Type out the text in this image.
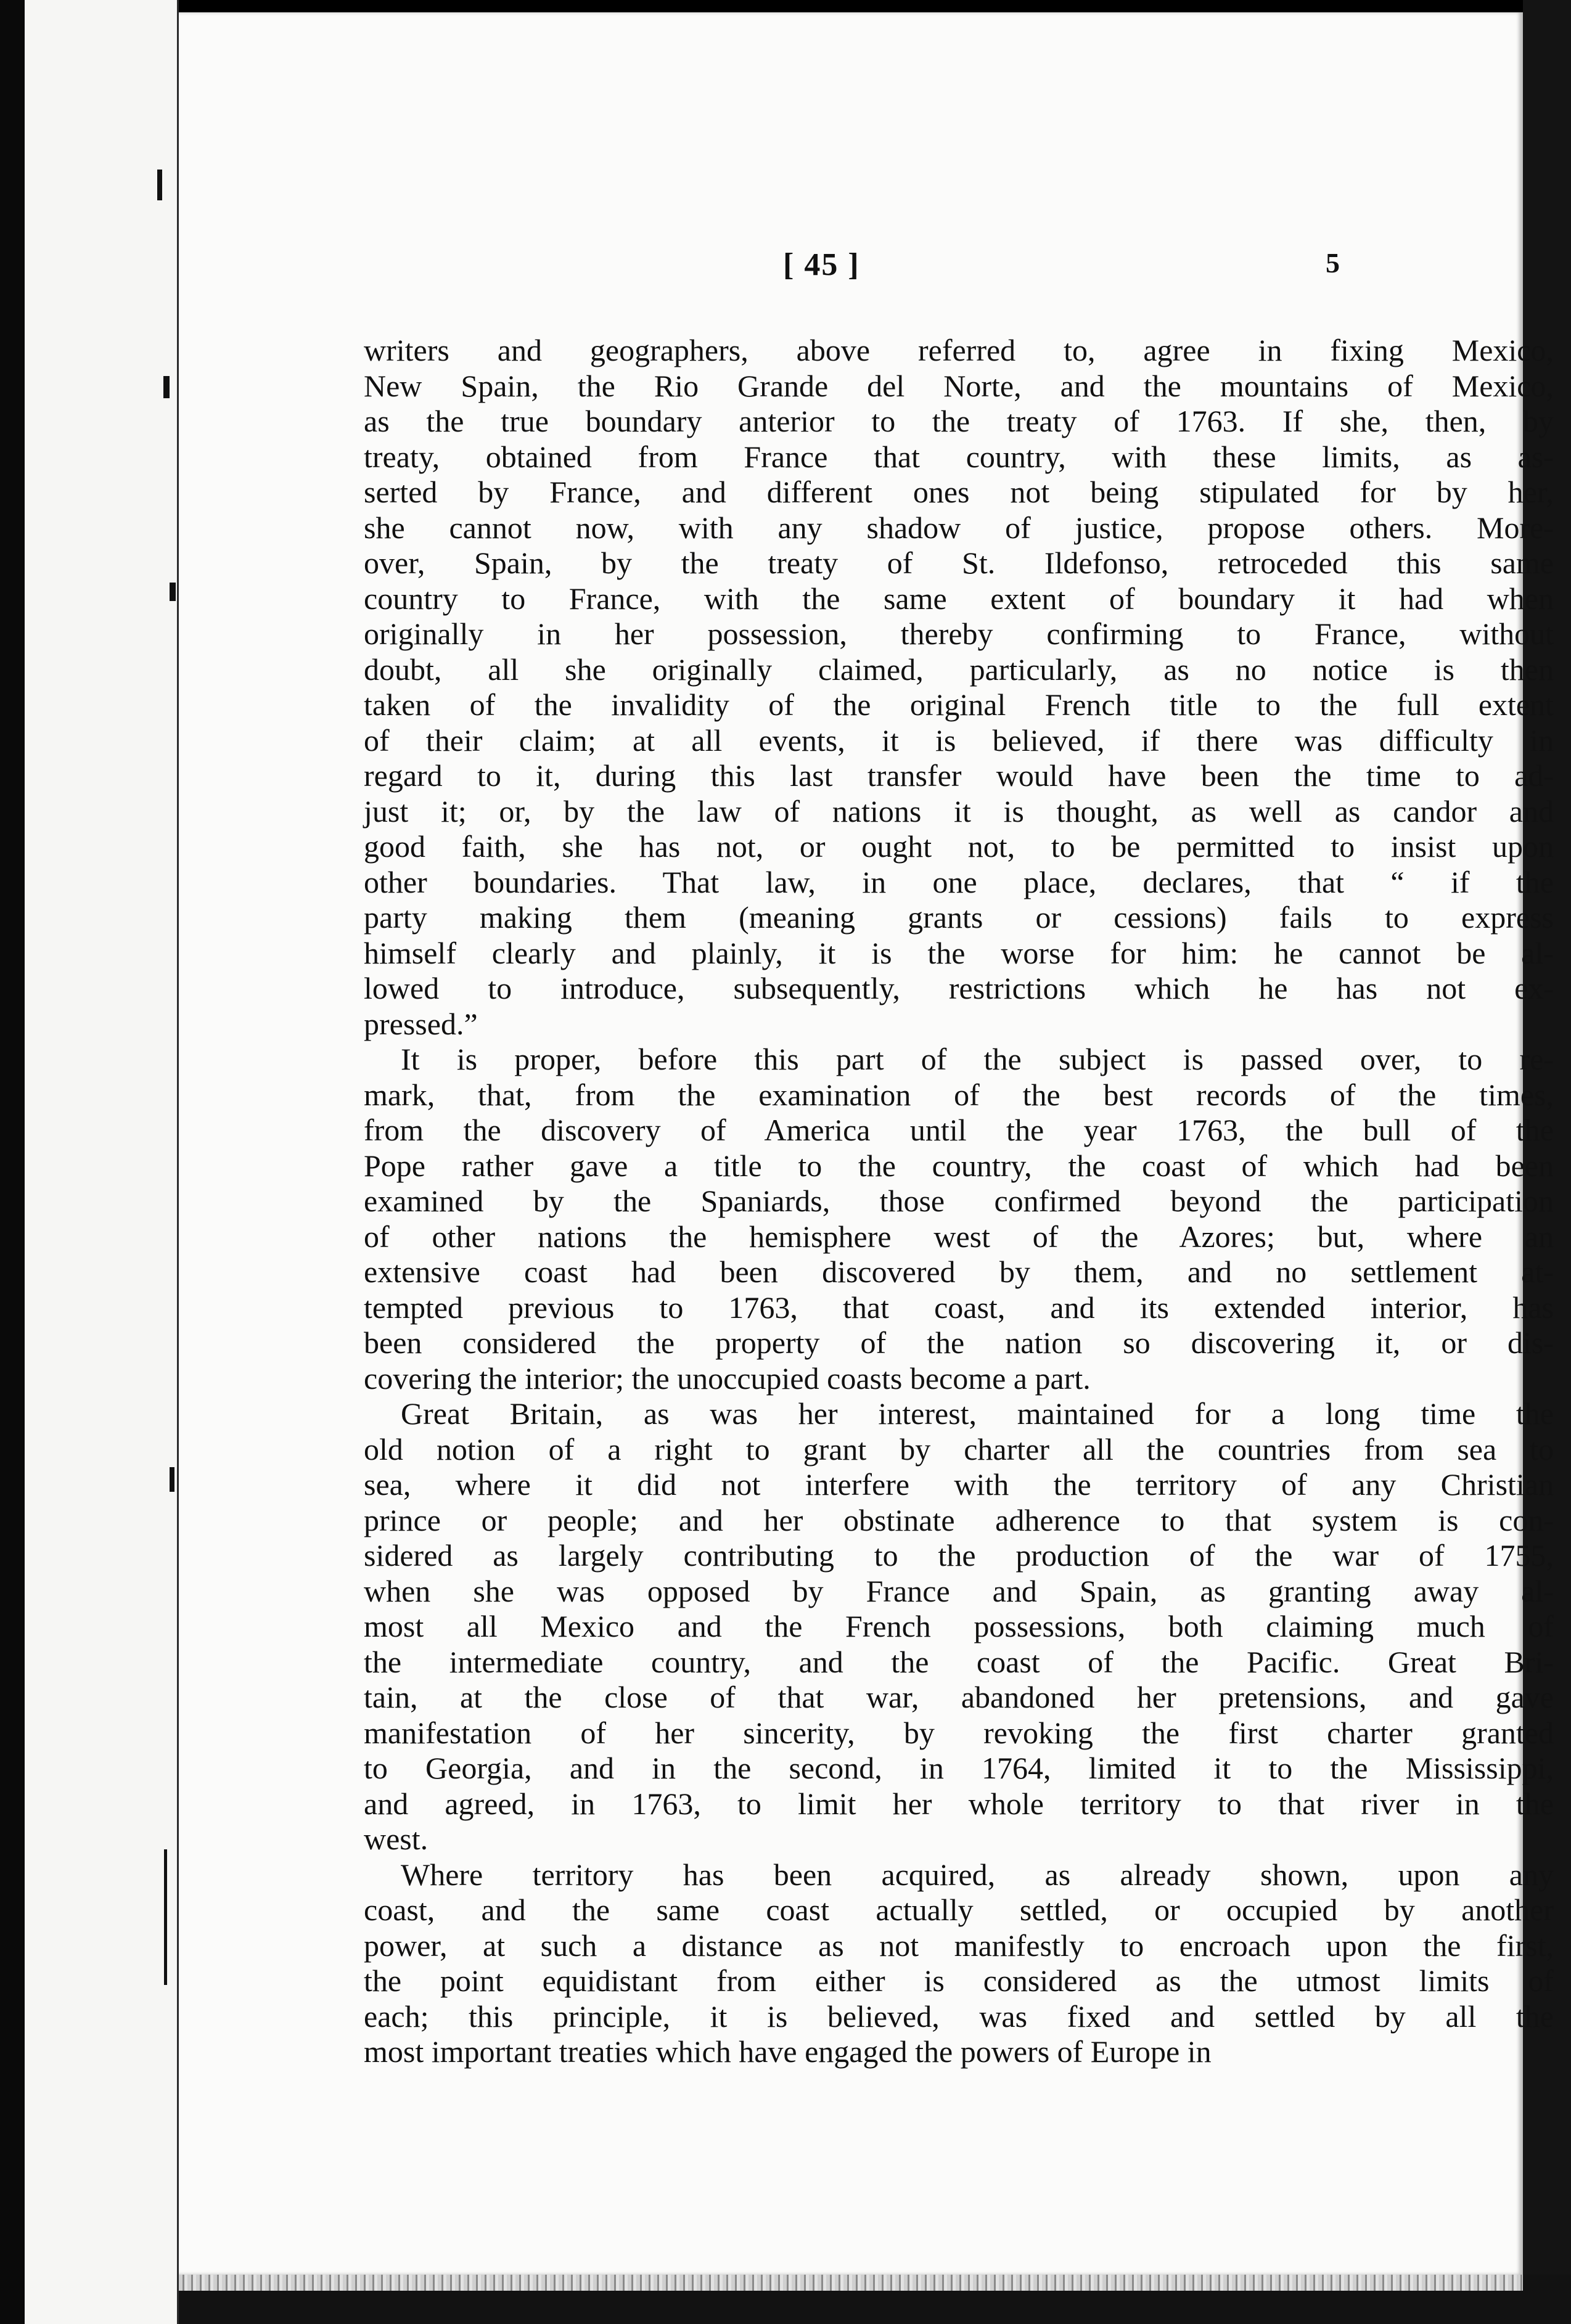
[ 45 ]	5

writers and geographers, above referred to, agree in fixing Mexico,
New Spain, the Rio Grande del Norte, and the mountains of Mexico,
as the true boundary anterior to the treaty of 1763. If she, then, by
treaty, obtained from France that country, with these limits, as as-
serted by France, and different ones not being stipulated for by her,
she cannot now, with any shadow of justice, propose others. More-
over, Spain, by the treaty of St. Ildefonso, retroceded this same
country to France, with the same extent of boundary it had when
originally in her possession, thereby confirming to France, without
doubt, all she originally claimed, particularly, as no notice is then
taken of the invalidity of the original French title to the full extent
of their claim; at all events, it is believed, if there was difficulty in
regard to it, during this last transfer would have been the time to ad-
just it; or, by the law of nations it is thought, as well as candor and
good faith, she has not, or ought not, to be permitted to insist upon
other boundaries. That law, in one place, declares, that “ if the
party making them (meaning grants or cessions) fails to express
himself clearly and plainly, it is the worse for him: he cannot be al-
lowed to introduce, subsequently, restrictions which he has not ex-
pressed.”

It is proper, before this part of the subject is passed over, to re-
mark, that, from the examination of the best records of the times,
from the discovery of America until the year 1763, the bull of the
Pope rather gave a title to the country, the coast of which had been
examined by the Spaniards, those confirmed beyond the participation
of other nations the hemisphere west of the Azores; but, where an
extensive coast had been discovered by them, and no settlement at-
tempted previous to 1763, that coast, and its extended interior, has
been considered the property of the nation so discovering it, or dis-
covering the interior; the unoccupied coasts become a part.

Great Britain, as was her interest, maintained for a long time the
old notion of a right to grant by charter all the countries from sea to
sea, where it did not interfere with the territory of any Christian
prince or people; and her obstinate adherence to that system is con-
sidered as largely contributing to the production of the war of 1755,
when she was opposed by France and Spain, as granting away al-
most all Mexico and the French possessions, both claiming much of
the intermediate country, and the coast of the Pacific. Great Bri-
tain, at the close of that war, abandoned her pretensions, and gave
manifestation of her sincerity, by revoking the first charter granted
to Georgia, and in the second, in 1764, limited it to the Mississippi,
and agreed, in 1763, to limit her whole territory to that river in the
west.

Where territory has been acquired, as already shown, upon any
coast, and the same coast actually settled, or occupied by another
power, at such a distance as not manifestly to encroach upon the first,
the point equidistant from either is considered as the utmost limits of
each; this principle, it is believed, was fixed and settled by all the
most important treaties which have engaged the powers of Europe in
